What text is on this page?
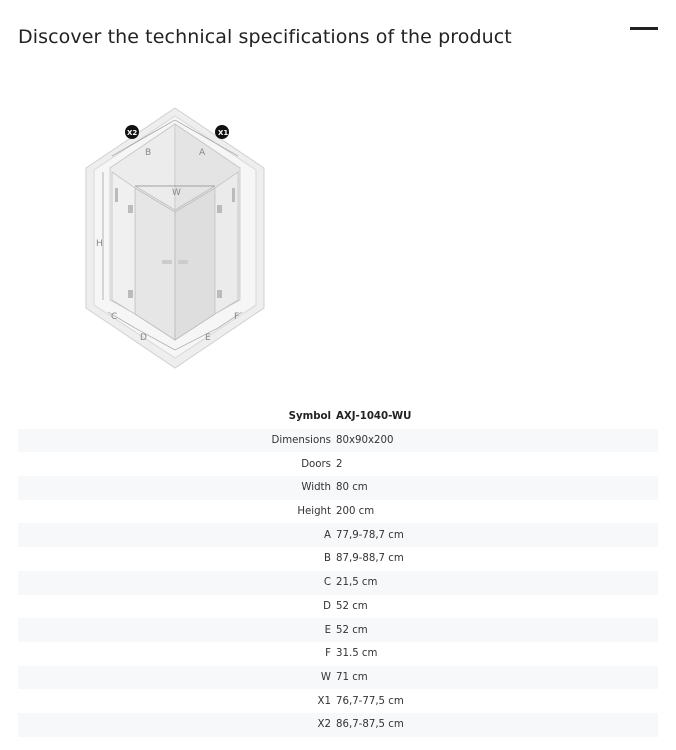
Discover the technical specifications of the product
B	A
W
H
C
D	E
F
X2	X1
Symbol AXJ-1040-WU
Dimensions 80x90x200
Doors 2
Width 80 cm
Height 200 cm
A 77,9-78,7 cm
B 87,9-88,7 cm
C 21,5 cm
D 52 cm
E 52 cm
F 31.5 cm
W 71 cm
X1 76,7-77,5 cm
X2 86,7-87,5 cm
